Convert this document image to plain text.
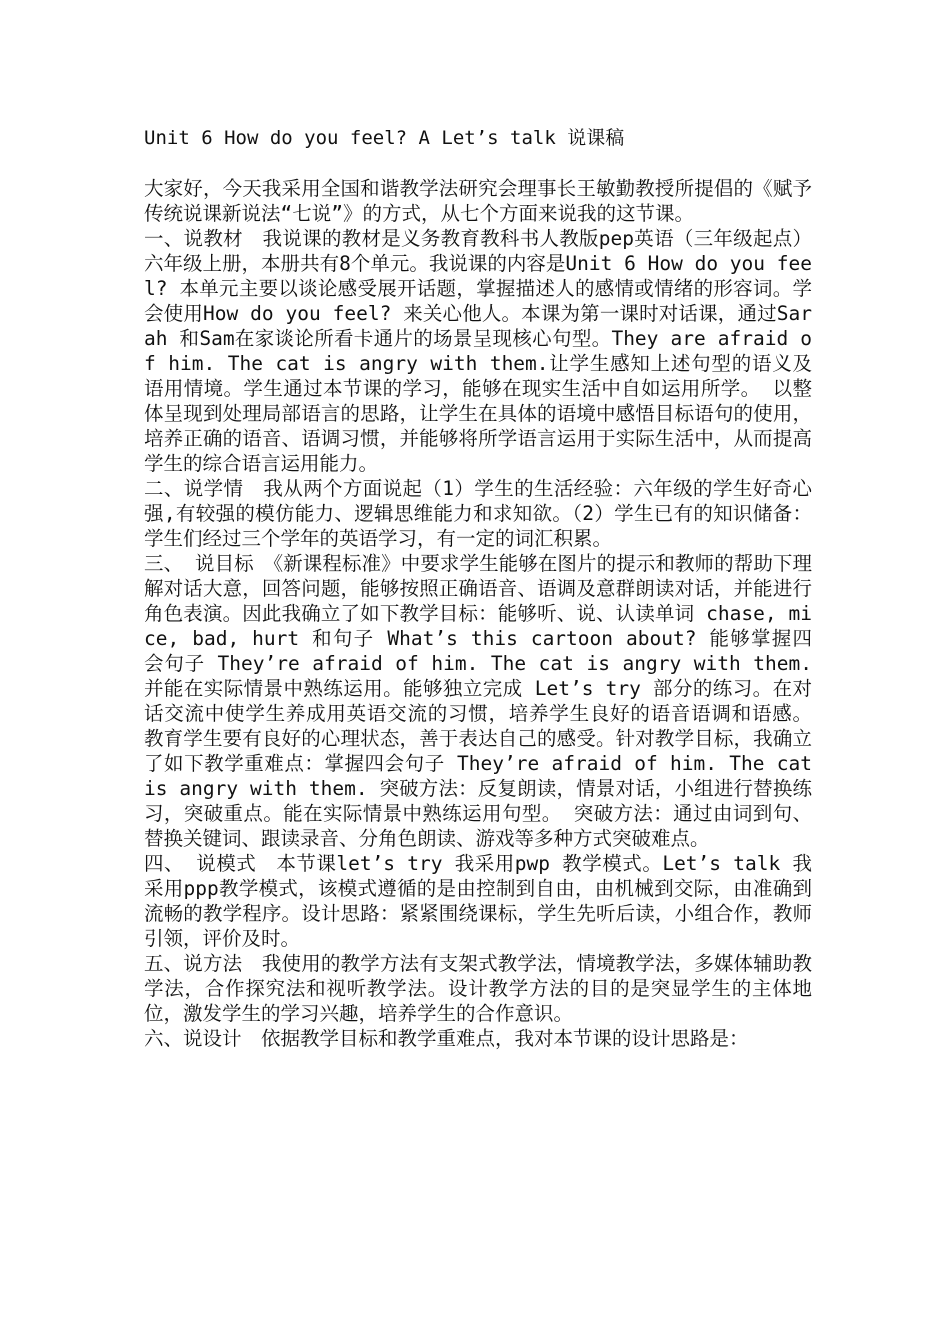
Unit 6 How do you feel? A Let’s talk 说课稿

大家好，今天我采用全国和谐教学法研究会理事长王敏勤教授所提倡的《赋予传统说课新说法“七说”》的方式，从七个方面来说我的这节课。

一、说教材　我说课的教材是义务教育教科书人教版pep英语（三年级起点）六年级上册，本册共有8个单元。我说课的内容是Unit 6 How do you feel? 本单元主要以谈论感受展开话题，掌握描述人的感情或情绪的形容词。学会使用How do you feel? 来关心他人。本课为第一课时对话课，通过Sarah 和Sam在家谈论所看卡通片的场景呈现核心句型。They are afraid of him. The cat is angry with them.让学生感知上述句型的语义及语用情境。学生通过本节课的学习，能够在现实生活中自如运用所学。 以整体呈现到处理局部语言的思路，让学生在具体的语境中感悟目标语句的使用，培养正确的语音、语调习惯，并能够将所学语言运用于实际生活中，从而提高学生的综合语言运用能力。

二、说学情　我从两个方面说起（1）学生的生活经验：六年级的学生好奇心强,有较强的模仿能力、逻辑思维能力和求知欲。（2）学生已有的知识储备：学生们经过三个学年的英语学习，有一定的词汇积累。

三、 说目标　《新课程标准》中要求学生能够在图片的提示和教师的帮助下理解对话大意，回答问题，能够按照正确语音、语调及意群朗读对话，并能进行角色表演。因此我确立了如下教学目标：能够听、说、认读单词 chase, mice, bad, hurt 和句子 What’s this cartoon about? 能够掌握四会句子 They’re afraid of him. The cat is angry with them.并能在实际情景中熟练运用。能够独立完成 Let’s try 部分的练习。在对话交流中使学生养成用英语交流的习惯，培养学生良好的语音语调和语感。 教育学生要有良好的心理状态，善于表达自己的感受。针对教学目标，我确立了如下教学重难点：掌握四会句子 They’re afraid of him. The cat is angry with them. 突破方法：反复朗读，情景对话，小组进行替换练习，突破重点。能在实际情景中熟练运用句型。 突破方法：通过由词到句、替换关键词、跟读录音、分角色朗读、游戏等多种方式突破难点。

四、 说模式　本节课let’s try 我采用pwp 教学模式。Let’s talk 我采用ppp教学模式，该模式遵循的是由控制到自由，由机械到交际，由准确到流畅的教学程序。设计思路：紧紧围绕课标，学生先听后读，小组合作，教师引领，评价及时。

五、说方法　我使用的教学方法有支架式教学法，情境教学法，多媒体辅助教学法，合作探究法和视听教学法。设计教学方法的目的是突显学生的主体地位，激发学生的学习兴趣，培养学生的合作意识。

六、说设计　依据教学目标和教学重难点，我对本节课的设计思路是：
